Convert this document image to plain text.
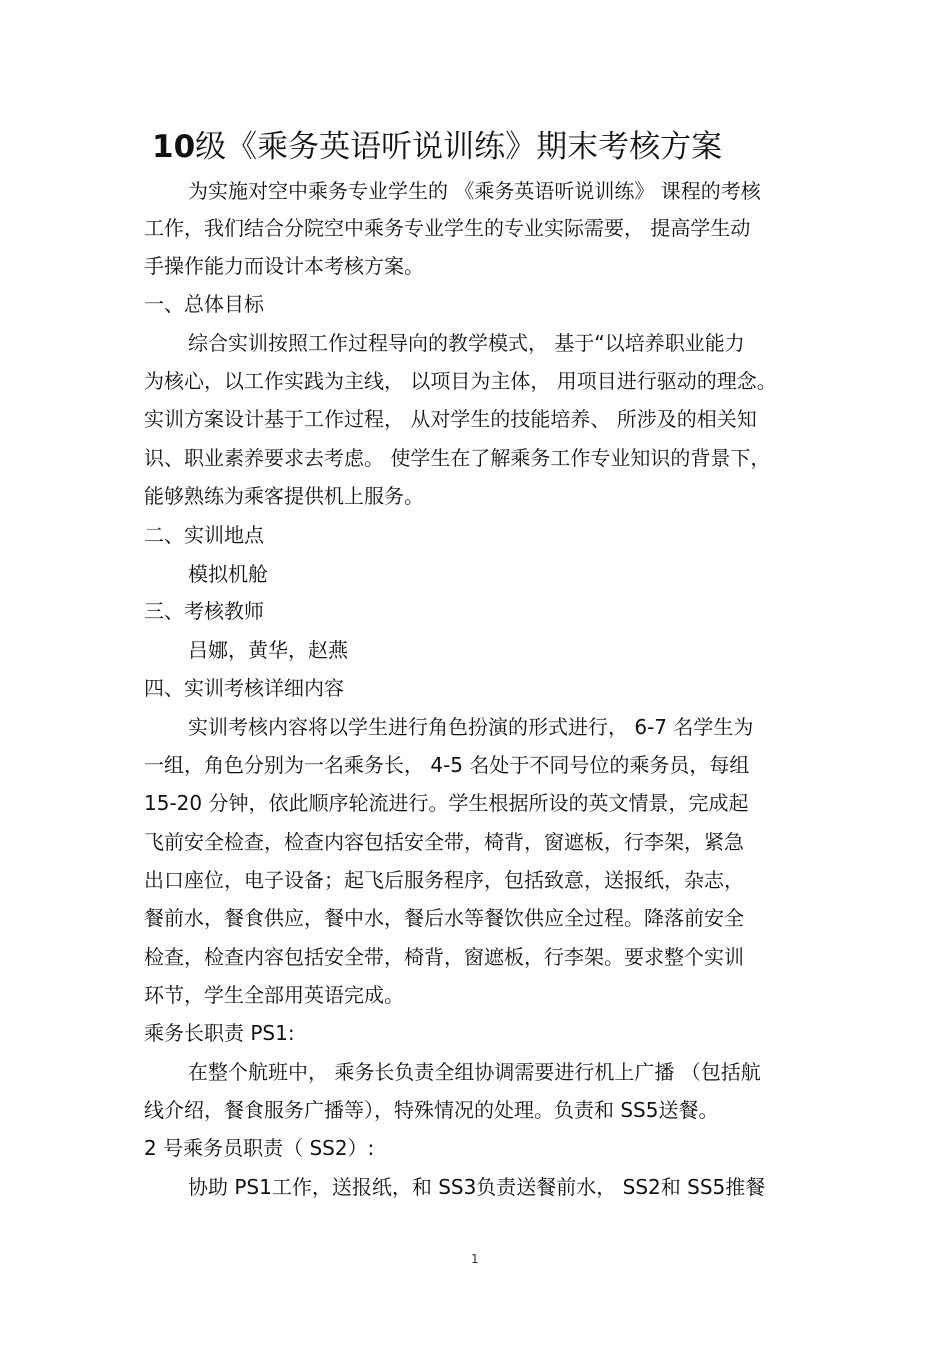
10级《乘务英语听说训练》期末考核方案
为实施对空中乘务专业学生的 《乘务英语听说训练》 课程的考核
工作，我们结合分院空中乘务专业学生的专业实际需要， 提高学生动
手操作能力而设计本考核方案。
一、总体目标
综合实训按照工作过程导向的教学模式， 基于“以培养职业能力
为核心，以工作实践为主线， 以项目为主体， 用项目进行驱动的理念。
实训方案设计基于工作过程， 从对学生的技能培养、 所涉及的相关知
识、职业素养要求去考虑。 使学生在了解乘务工作专业知识的背景下，
能够熟练为乘客提供机上服务。
二、实训地点
模拟机舱
三、考核教师
吕娜，黄华，赵燕
四、实训考核详细内容
实训考核内容将以学生进行角色扮演的形式进行， 6-7 名学生为
一组，角色分别为一名乘务长， 4-5 名处于不同号位的乘务员，每组
15-20 分钟，依此顺序轮流进行。学生根据所设的英文情景，完成起
飞前安全检查，检查内容包括安全带，椅背，窗遮板，行李架，紧急
出口座位，电子设备；起飞后服务程序，包括致意，送报纸，杂志，
餐前水，餐食供应，餐中水，餐后水等餐饮供应全过程。降落前安全
检查，检查内容包括安全带，椅背，窗遮板，行李架。要求整个实训
环节，学生全部用英语完成。
乘务长职责 PS1:
在整个航班中， 乘务长负责全组协调需要进行机上广播 （包括航
线介绍，餐食服务广播等），特殊情况的处理。负责和 SS5送餐。
2 号乘务员职责（ SS2）:
协助 PS1工作，送报纸，和 SS3负责送餐前水， SS2和 SS5推餐
1
